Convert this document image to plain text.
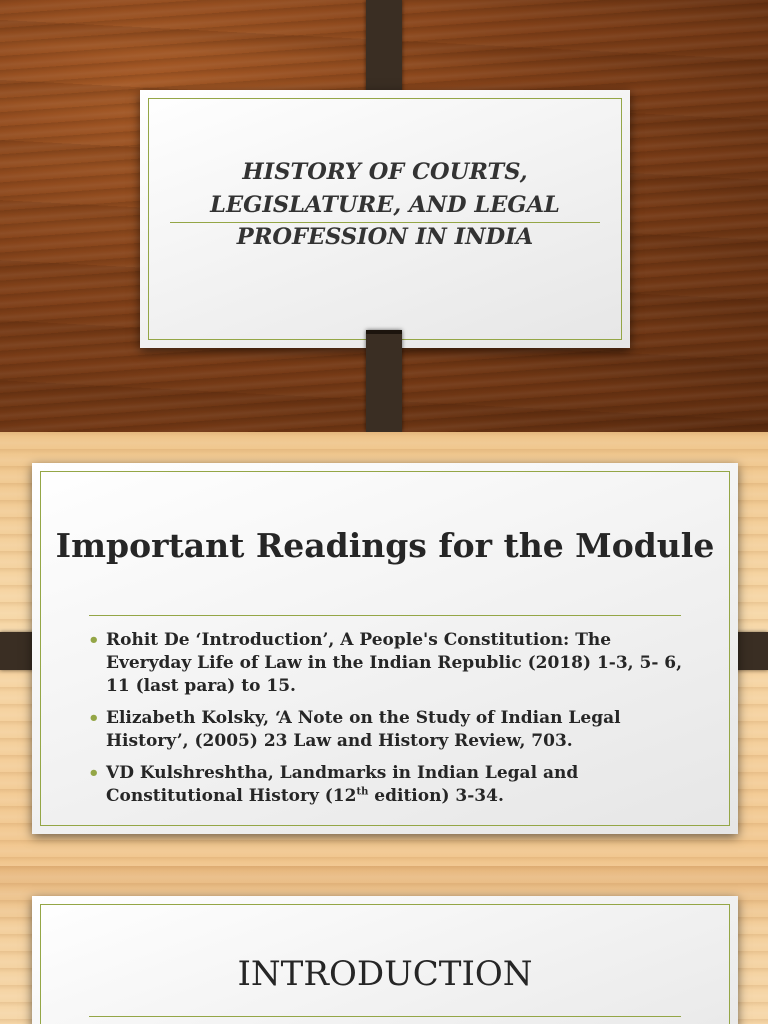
HISTORY OF COURTS, LEGISLATURE, AND LEGAL PROFESSION IN INDIA
Important Readings for the Module
• Rohit De ‘Introduction’, A People's Constitution: The Everyday Life of Law in the Indian Republic (2018) 1-3, 5- 6, 11 (last para) to 15.
• Elizabeth Kolsky, ‘A Note on the Study of Indian Legal History’, (2005) 23 Law and History Review, 703.
• VD Kulshreshtha, Landmarks in Indian Legal and Constitutional History (12th edition) 3-34.
INTRODUCTION
